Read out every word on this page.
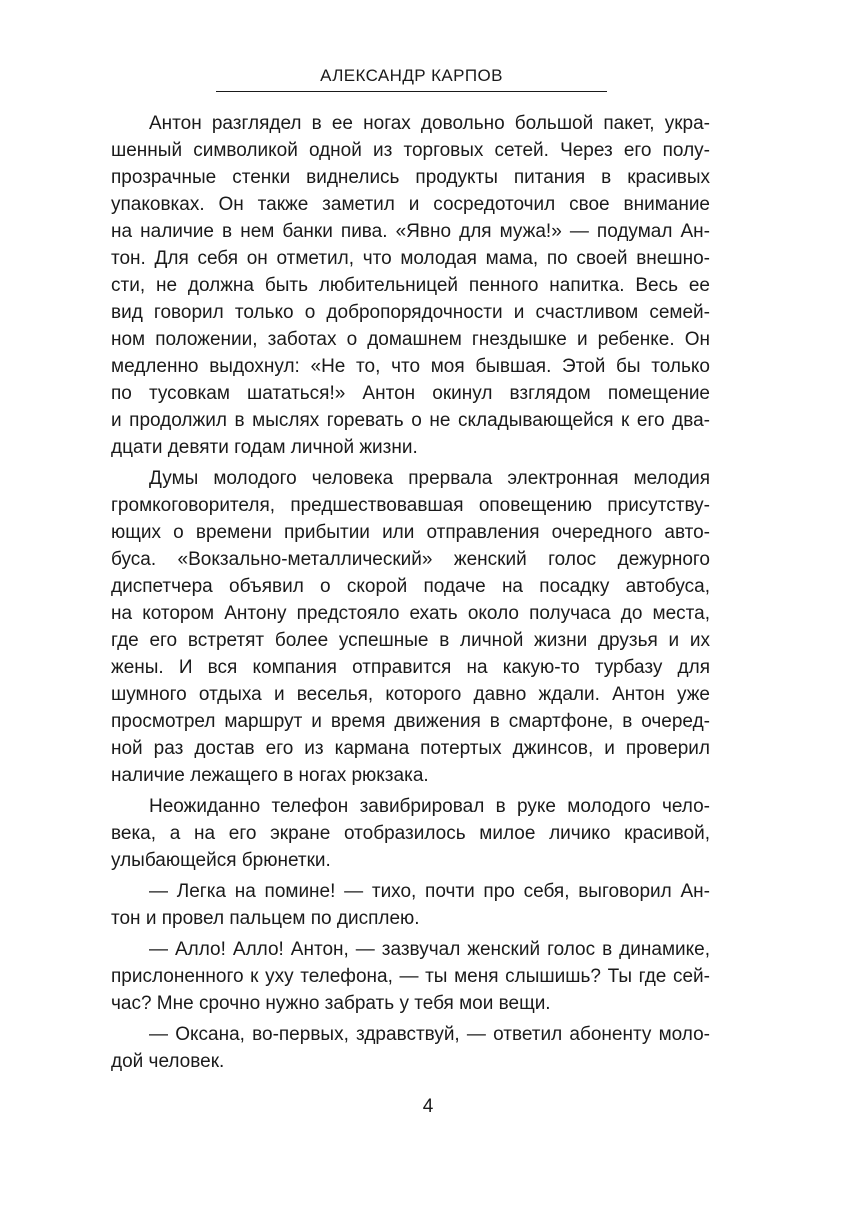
АЛЕКСАНДР КАРПОВ

Антон разглядел в ее ногах довольно большой пакет, укра-
шенный символикой одной из торговых сетей. Через его полу-
прозрачные стенки виднелись продукты питания в красивых
упаковках. Он также заметил и сосредоточил свое внимание
на наличие в нем банки пива. «Явно для мужа!» — подумал Ан-
тон. Для себя он отметил, что молодая мама, по своей внешно-
сти, не должна быть любительницей пенного напитка. Весь ее
вид говорил только о добропорядочности и счастливом семей-
ном положении, заботах о домашнем гнездышке и ребенке. Он
медленно выдохнул: «Не то, что моя бывшая. Этой бы только
по тусовкам шататься!» Антон окинул взглядом помещение
и продолжил в мыслях горевать о не складывающейся к его два-
дцати девяти годам личной жизни.

Думы молодого человека прервала электронная мелодия
громкоговорителя, предшествовавшая оповещению присутству-
ющих о времени прибытии или отправления очередного авто-
буса. «Вокзально-металлический» женский голос дежурного
диспетчера объявил о скорой подаче на посадку автобуса,
на котором Антону предстояло ехать около получаса до места,
где его встретят более успешные в личной жизни друзья и их
жены. И вся компания отправится на какую-то турбазу для
шумного отдыха и веселья, которого давно ждали. Антон уже
просмотрел маршрут и время движения в смартфоне, в очеред-
ной раз достав его из кармана потертых джинсов, и проверил
наличие лежащего в ногах рюкзака.

Неожиданно телефон завибрировал в руке молодого чело-
века, а на его экране отобразилось милое личико красивой,
улыбающейся брюнетки.

— Легка на помине! — тихо, почти про себя, выговорил Ан-
тон и провел пальцем по дисплею.

— Алло! Алло! Антон, — зазвучал женский голос в динамике,
прислоненного к уху телефона, — ты меня слышишь? Ты где сей-
час? Мне срочно нужно забрать у тебя мои вещи.

— Оксана, во-первых, здравствуй, — ответил абоненту моло-
дой человек.

4
